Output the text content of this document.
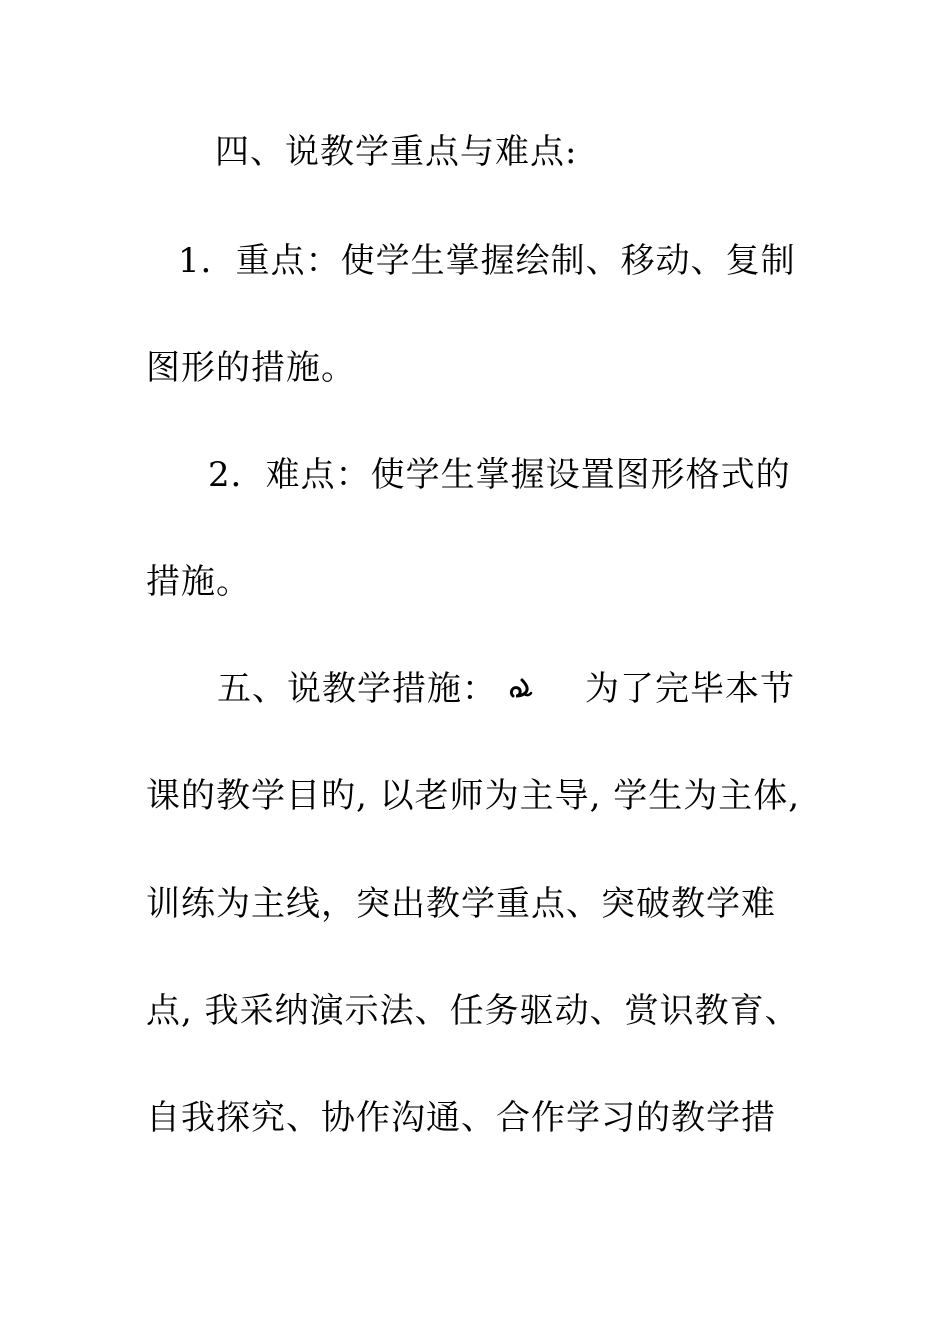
四、说教学重点与难点:
1．重点：使学生掌握绘制、移动、复制
图形的措施。
2．难点：使学生掌握设置图形格式的
措施。
五、说教学措施：	为了完毕本节
课的教学目旳, 以老师为主导, 学生为主体,
训练为主线，突出教学重点、突破教学难
点, 我采纳演示法、任务驱动、赏识教育、
自我探究、协作沟通、合作学习的教学措
